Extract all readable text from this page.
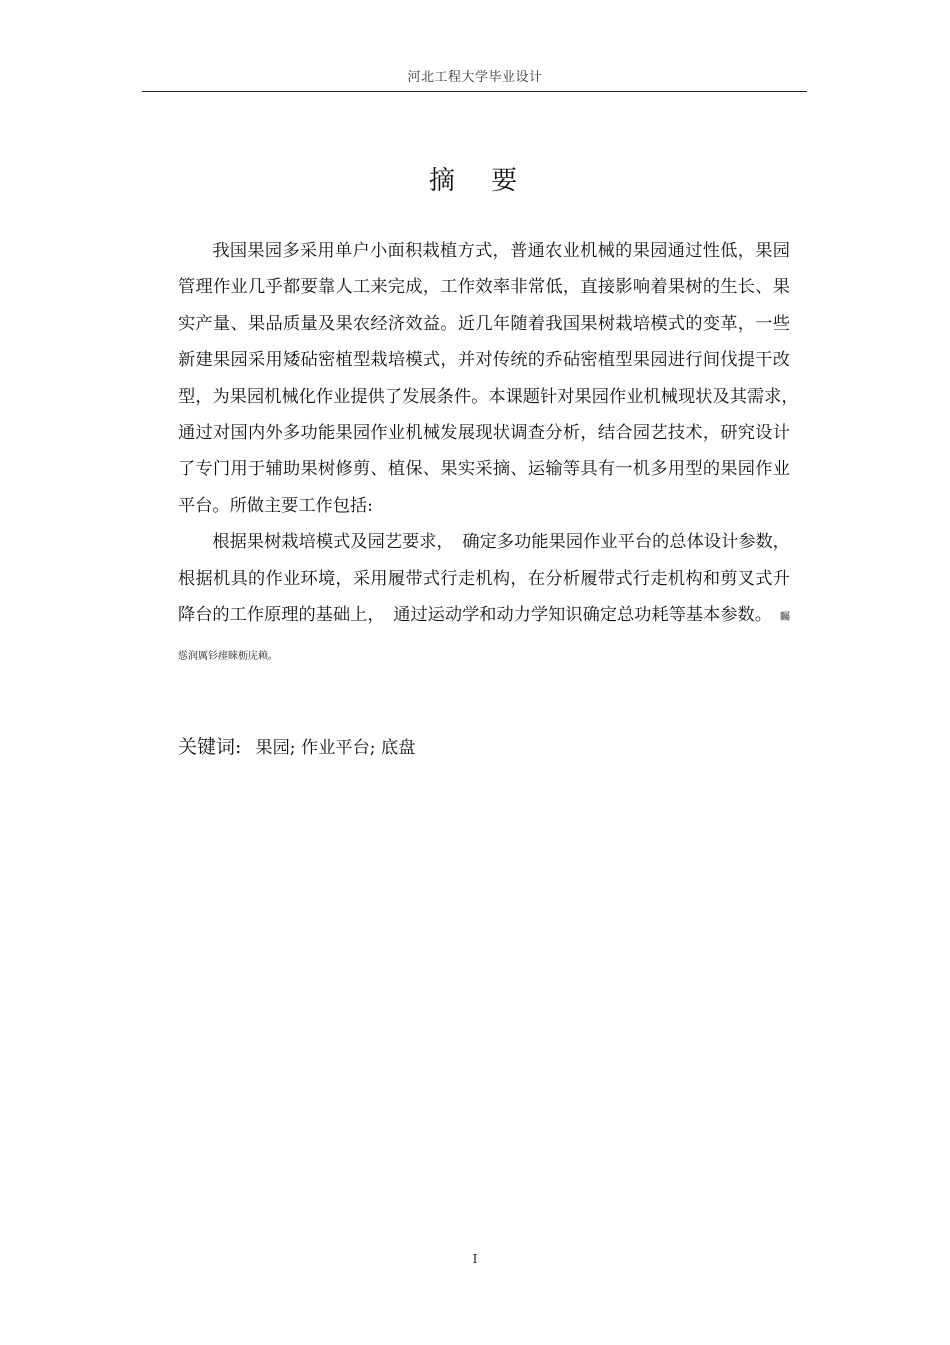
河北工程大学毕业设计
摘 要

我国果园多采用单户小面积栽植方式，普通农业机械的果园通过性低，果园管理作业几乎都要靠人工来完成，工作效率非常低，直接影响着果树的生长、果实产量、果品质量及果农经济效益。近几年随着我国果树栽培模式的变革，一些新建果园采用矮砧密植型栽培模式，并对传统的乔砧密植型果园进行间伐提干改型，为果园机械化作业提供了发展条件。本课题针对果园作业机械现状及其需求，　通过对国内外多功能果园作业机械发展现状调查分析，结合园艺技术，研究设计了专门用于辅助果树修剪、植保、果实采摘、运输等具有一机多用型的果园作业平台。所做主要工作包括:

根据果树栽培模式及园艺要求，　确定多功能果园作业平台的总体设计参数，根据机具的作业环境，采用履带式行走机构，在分析履带式行走机构和剪叉式升降台的工作原理的基础上，　通过运动学和动力学知识确定总功耗等基本参数。 矚慫润厲钐瘗睞枥庑赖。

关键词: 果园; 作业平台; 底盘
I
